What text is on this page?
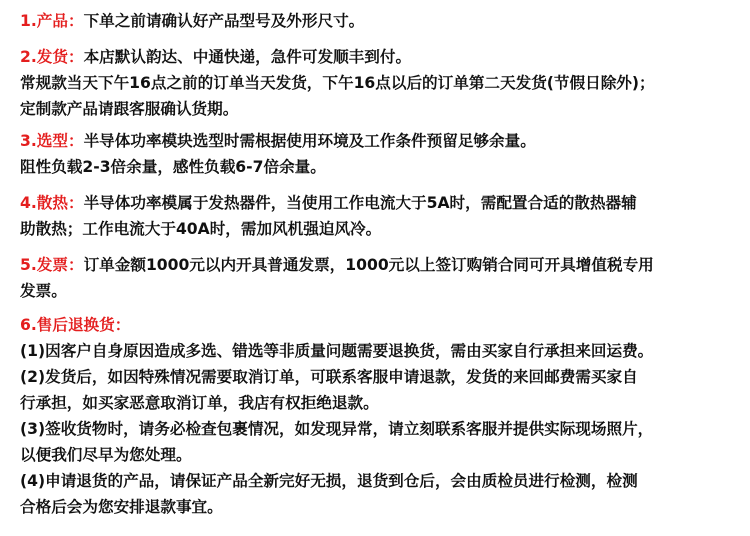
1.产品：下单之前请确认好产品型号及外形尺寸。
2.发货：本店默认韵达、中通快递，急件可发顺丰到付。
常规款当天下午16点之前的订单当天发货，下午16点以后的订单第二天发货(节假日除外)；
定制款产品请跟客服确认货期。
3.选型：半导体功率模块选型时需根据使用环境及工作条件预留足够余量。
阻性负载2-3倍余量，感性负载6-7倍余量。
4.散热：半导体功率模属于发热器件，当使用工作电流大于5A时，需配置合适的散热器辅
助散热；工作电流大于40A时，需加风机强迫风冷。
5.发票：订单金额1000元以内开具普通发票，1000元以上签订购销合同可开具增值税专用
发票。
6.售后退换货：
(1)因客户自身原因造成多选、错选等非质量问题需要退换货，需由买家自行承担来回运费。
(2)发货后，如因特殊情况需要取消订单，可联系客服申请退款，发货的来回邮费需买家自
行承担，如买家恶意取消订单，我店有权拒绝退款。
(3)签收货物时，请务必检查包裹情况，如发现异常，请立刻联系客服并提供实际现场照片，
以便我们尽早为您处理。
(4)申请退货的产品，请保证产品全新完好无损，退货到仓后，会由质检员进行检测，检测
合格后会为您安排退款事宜。
